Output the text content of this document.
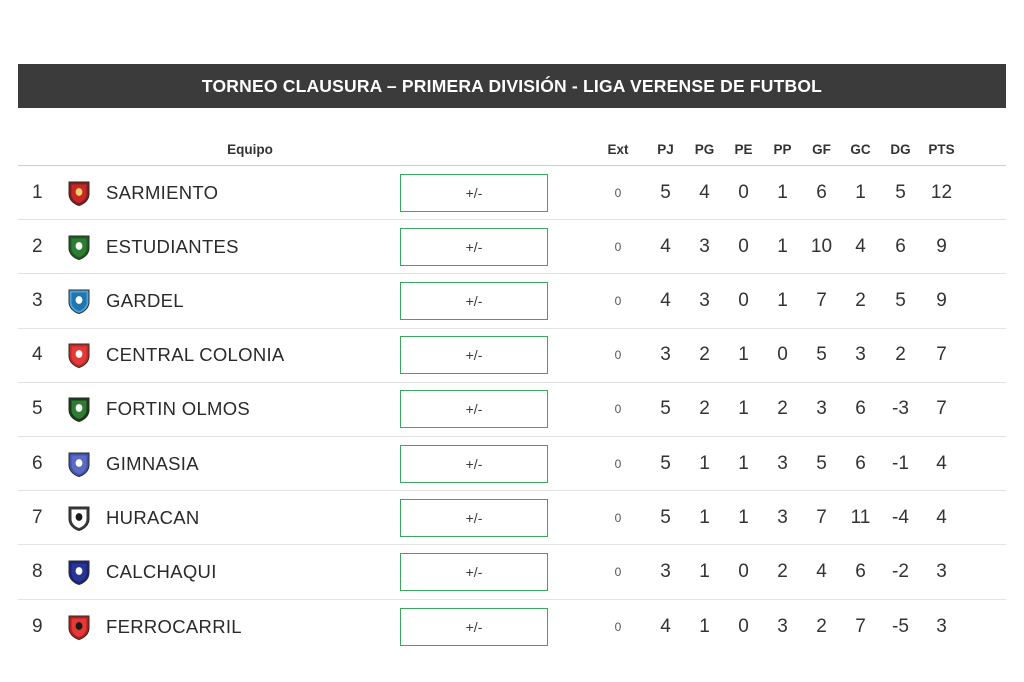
TORNEO CLAUSURA – PRIMERA DIVISIÓN - LIGA VERENSE DE FUTBOL
Equipo	Ext	PJ	PG	PE	PP	GF	GC	DG	PTS
1	SARMIENTO	+/-	0	5	4	0	1	6	1	5	12
2	ESTUDIANTES	+/-	0	4	3	0	1	10	4	6	9
3	GARDEL	+/-	0	4	3	0	1	7	2	5	9
4	CENTRAL COLONIA	+/-	0	3	2	1	0	5	3	2	7
5	FORTIN OLMOS	+/-	0	5	2	1	2	3	6	-3	7
6	GIMNASIA	+/-	0	5	1	1	3	5	6	-1	4
7	HURACAN	+/-	0	5	1	1	3	7	11	-4	4
8	CALCHAQUI	+/-	0	3	1	0	2	4	6	-2	3
9	FERROCARRIL	+/-	0	4	1	0	3	2	7	-5	3
